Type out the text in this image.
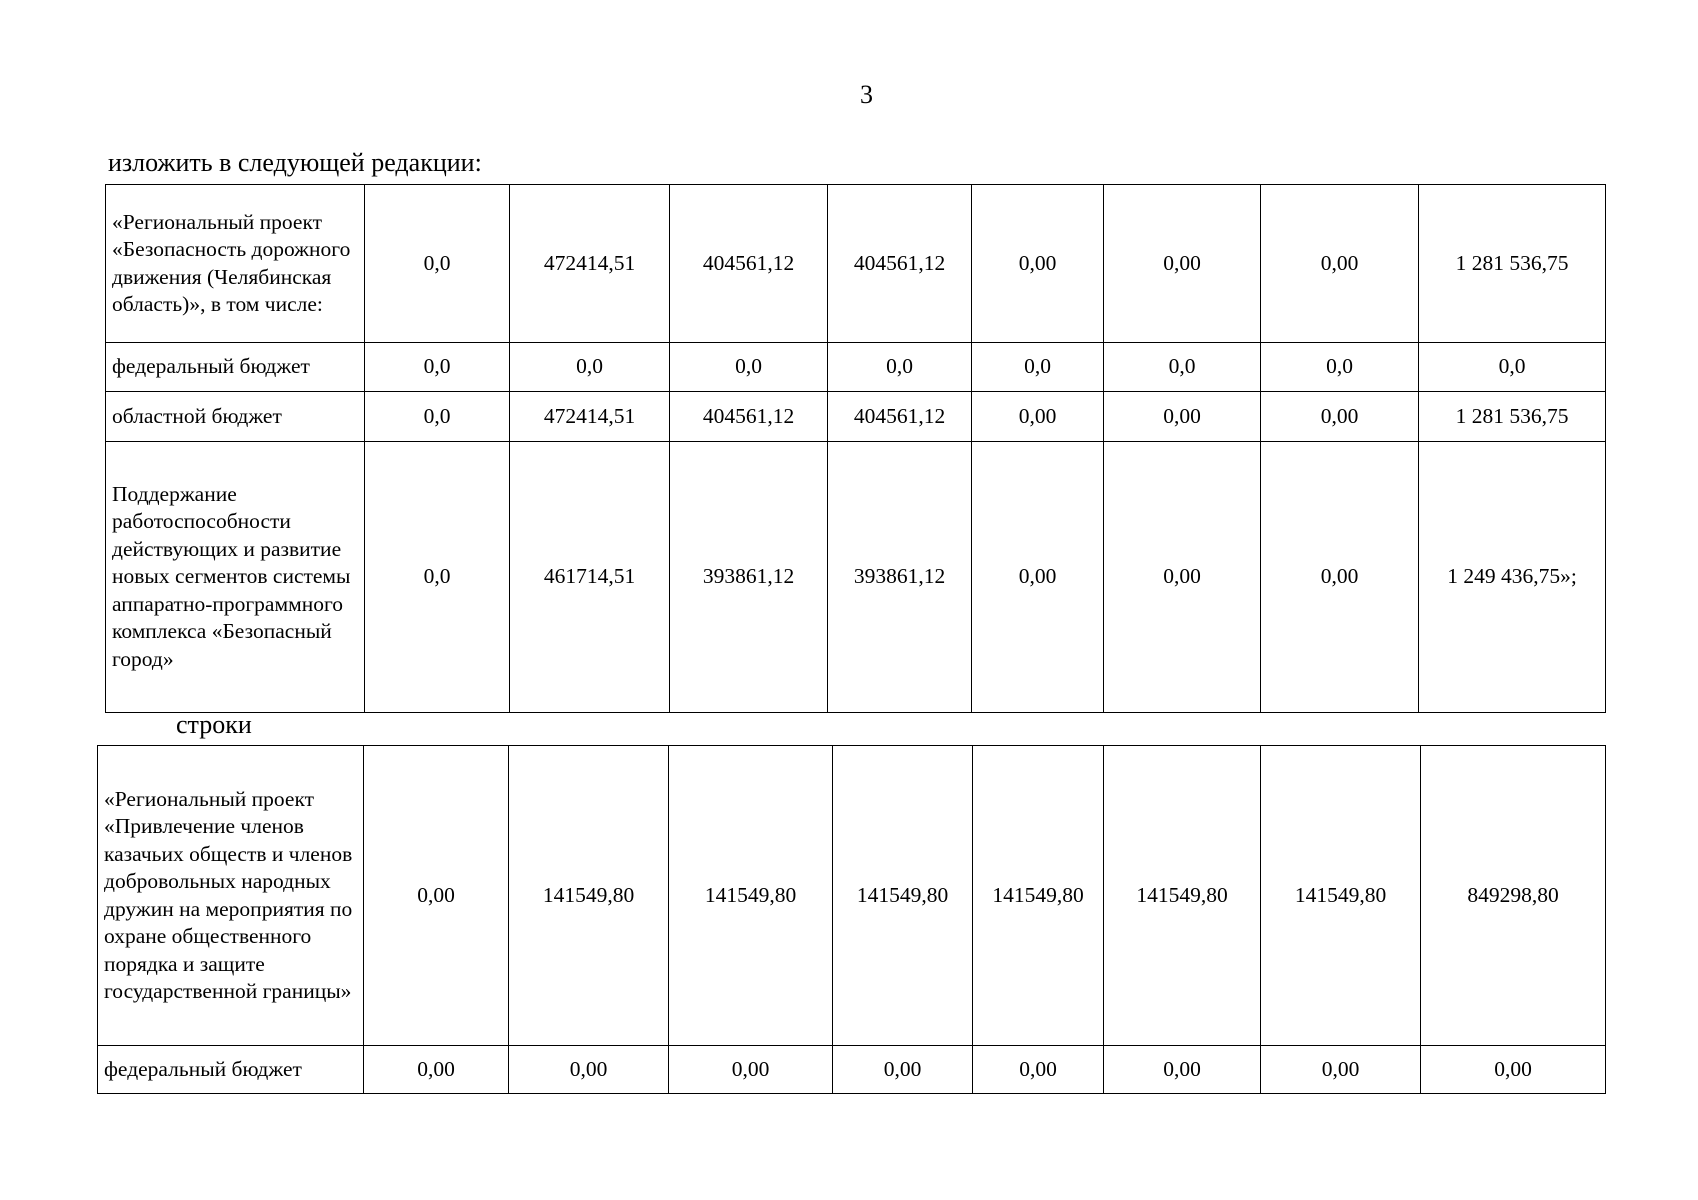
3
изложить в следующей редакции:
«Региональный проект «Безопасность дорожного движения (Челябинская область)», в том числе:	0,0	472414,51	404561,12	404561,12	0,00	0,00	0,00	1 281 536,75
федеральный бюджет	0,0	0,0	0,0	0,0	0,0	0,0	0,0	0,0
областной бюджет	0,0	472414,51	404561,12	404561,12	0,00	0,00	0,00	1 281 536,75
Поддержание работоспособности действующих и развитие новых сегментов системы аппаратно-программного комплекса «Безопасный город»	0,0	461714,51	393861,12	393861,12	0,00	0,00	0,00	1 249 436,75»;
строки
«Региональный проект «Привлечение членов казачьих обществ и членов добровольных народных дружин на мероприятия по охране общественного порядка и защите государственной границы»	0,00	141549,80	141549,80	141549,80	141549,80	141549,80	141549,80	849298,80
федеральный бюджет	0,00	0,00	0,00	0,00	0,00	0,00	0,00	0,00
